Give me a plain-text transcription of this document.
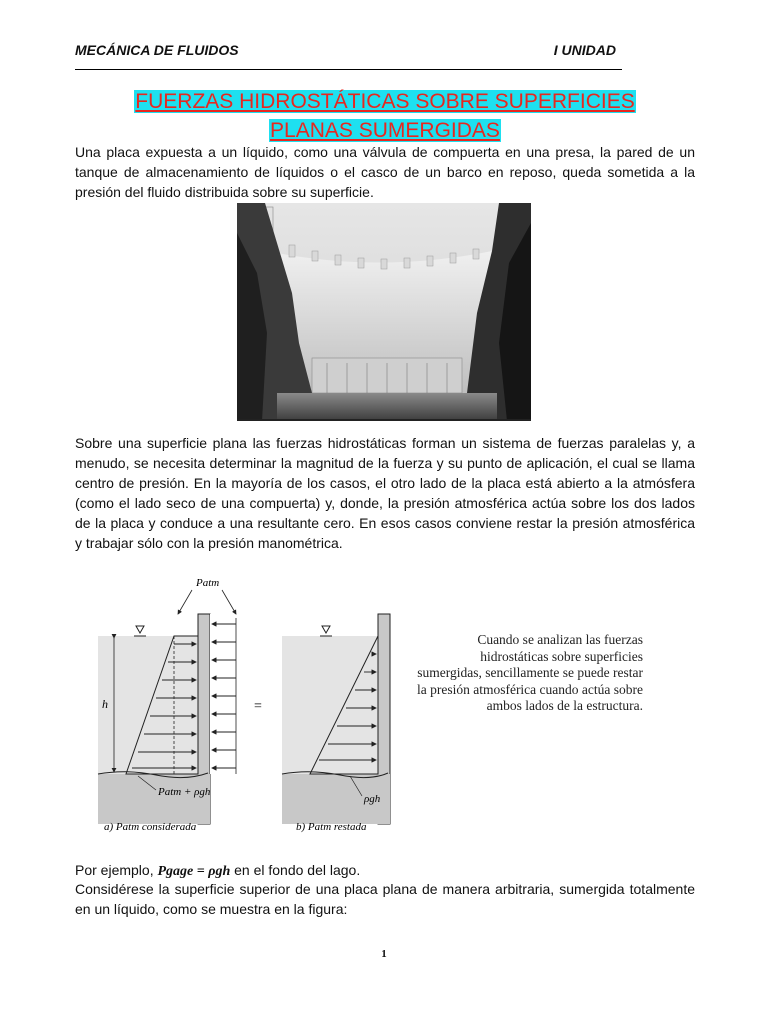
MECÁNICA DE FLUIDOS	I UNIDAD
FUERZAS HIDROSTÁTICAS SOBRE SUPERFICIES
PLANAS SUMERGIDAS
Una placa expuesta a un líquido, como una válvula de compuerta en una presa, la pared de un tanque de almacenamiento de líquidos o el casco de un barco en reposo, queda sometida a la presión del fluido distribuida sobre su superficie.
Sobre una superficie plana las fuerzas hidrostáticas forman un sistema de fuerzas paralelas y, a menudo, se necesita determinar la magnitud de la fuerza y su punto de aplicación, el cual se llama centro de presión. En la mayoría de los casos, el otro lado de la placa está abierto a la atmósfera (como el lado seco de una compuerta) y, donde, la presión atmosférica actúa sobre los dos lados de la placa y conduce a una resultante cero. En esos casos conviene restar la presión atmosférica y trabajar sólo con la presión manométrica.
h
Patm
Patm + ρgh
=
ρgh
a) Patm considerada	b) Patm restada
Cuando se analizan las fuerzas hidrostáticas sobre superficies sumergidas, sencillamente se puede restar la presión atmosférica cuando actúa sobre ambos lados de la estructura.
Por ejemplo, Pgage = ρgh en el fondo del lago.
Considérese la superficie superior de una placa plana de manera arbitraria, sumergida totalmente en un líquido, como se muestra en la figura:
1
